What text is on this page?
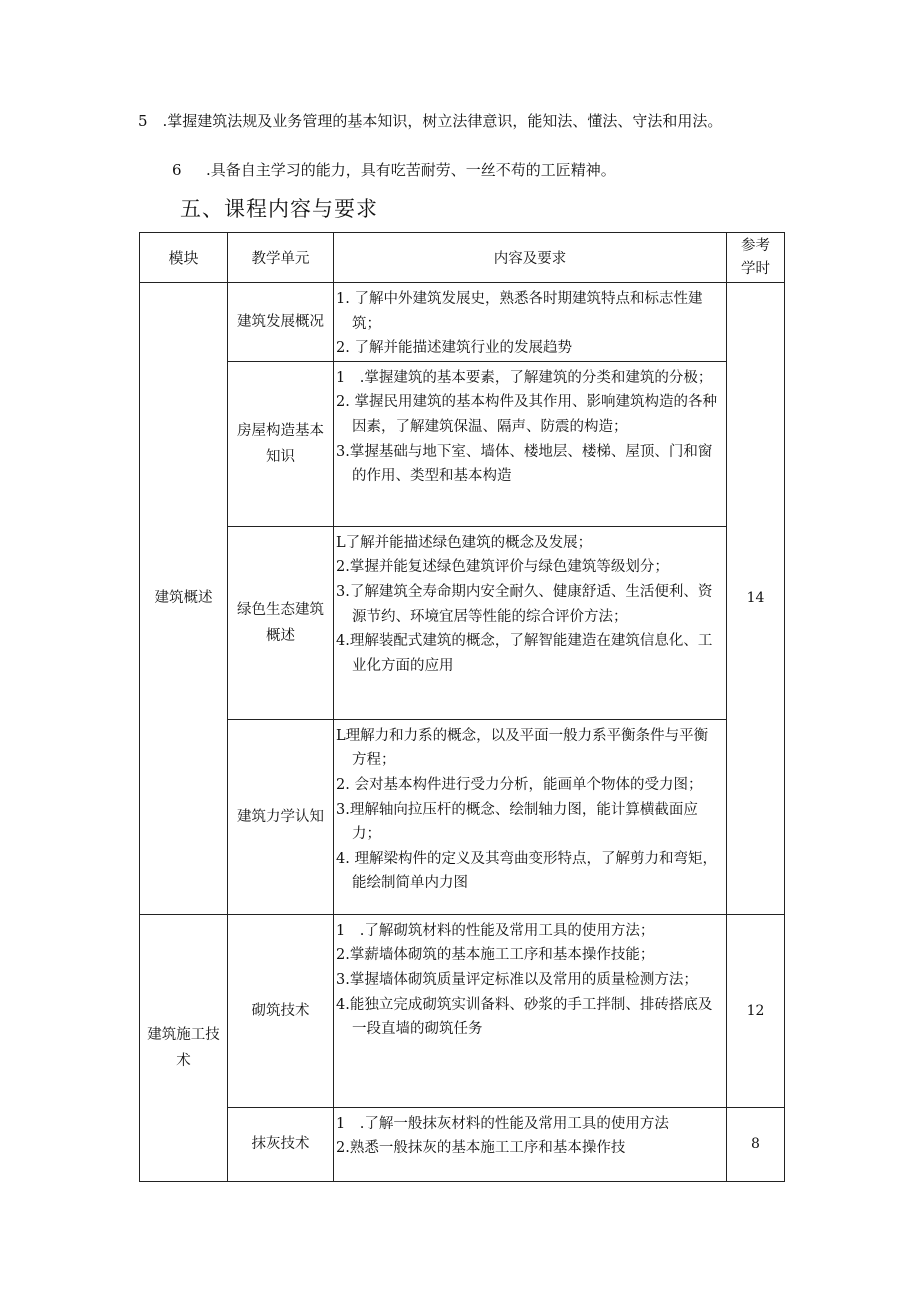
5　.掌握建筑法规及业务管理的基本知识，树立法律意识，能知法、懂法、守法和用法。
6 .具备自主学习的能力，具有吃苦耐劳、一丝不苟的工匠精神。
五、课程内容与要求
模块	教学单元	内容及要求	参考学时
建筑概述	建筑发展概况	1. 了解中外建筑发展史，熟悉各时期建筑特点和标志性建筑；
2. 了解并能描述建筑行业的发展趋势	14
	房屋构造基本知识	1　.掌握建筑的基本要素，了解建筑的分类和建筑的分极；
2. 掌握民用建筑的基本构件及其作用、影响建筑构造的各种因素，了解建筑保温、隔声、防震的构造；
3.掌握基础与地下室、墙体、楼地层、楼梯、屋顶、门和窗的作用、类型和基本构造	

	绿色生态建筑概述	L了解并能描述绿色建筑的概念及发展；
2.掌握并能复述绿色建筑评价与绿色建筑等级划分；
3.了解建筑全寿命期内安全耐久、健康舒适、生活便利、资源节约、环境宜居等性能的综合评价方法；
4.理解装配式建筑的概念，了解智能建造在建筑信息化、工业化方面的应用	

	建筑力学认知	L理解力和力系的概念，以及平面一般力系平衡条件与平衡方程；
2. 会对基本构件进行受力分析，能画单个物体的受力图；
3.理解轴向拉压杆的概念、绘制轴力图，能计算横截面应力；
4. 理解梁构件的定义及其弯曲变形特点，了解剪力和弯矩，能绘制简单内力图	

建筑施工技术	砌筑技术	1　.了解砌筑材料的性能及常用工具的使用方法；
2.掌薪墙体砌筑的基本施工工序和基本操作技能；
3.掌握墙体砌筑质量评定标准以及常用的质量检测方法；
4.能独立完成砌筑实训备料、砂浆的手工拌制、排砖搭底及一段直墙的砌筑任务	12
	抹灰技术	1　.了解一般抹灰材料的性能及常用工具的使用方法
2.熟悉一般抹灰的基本施工工序和基本操作技	8
